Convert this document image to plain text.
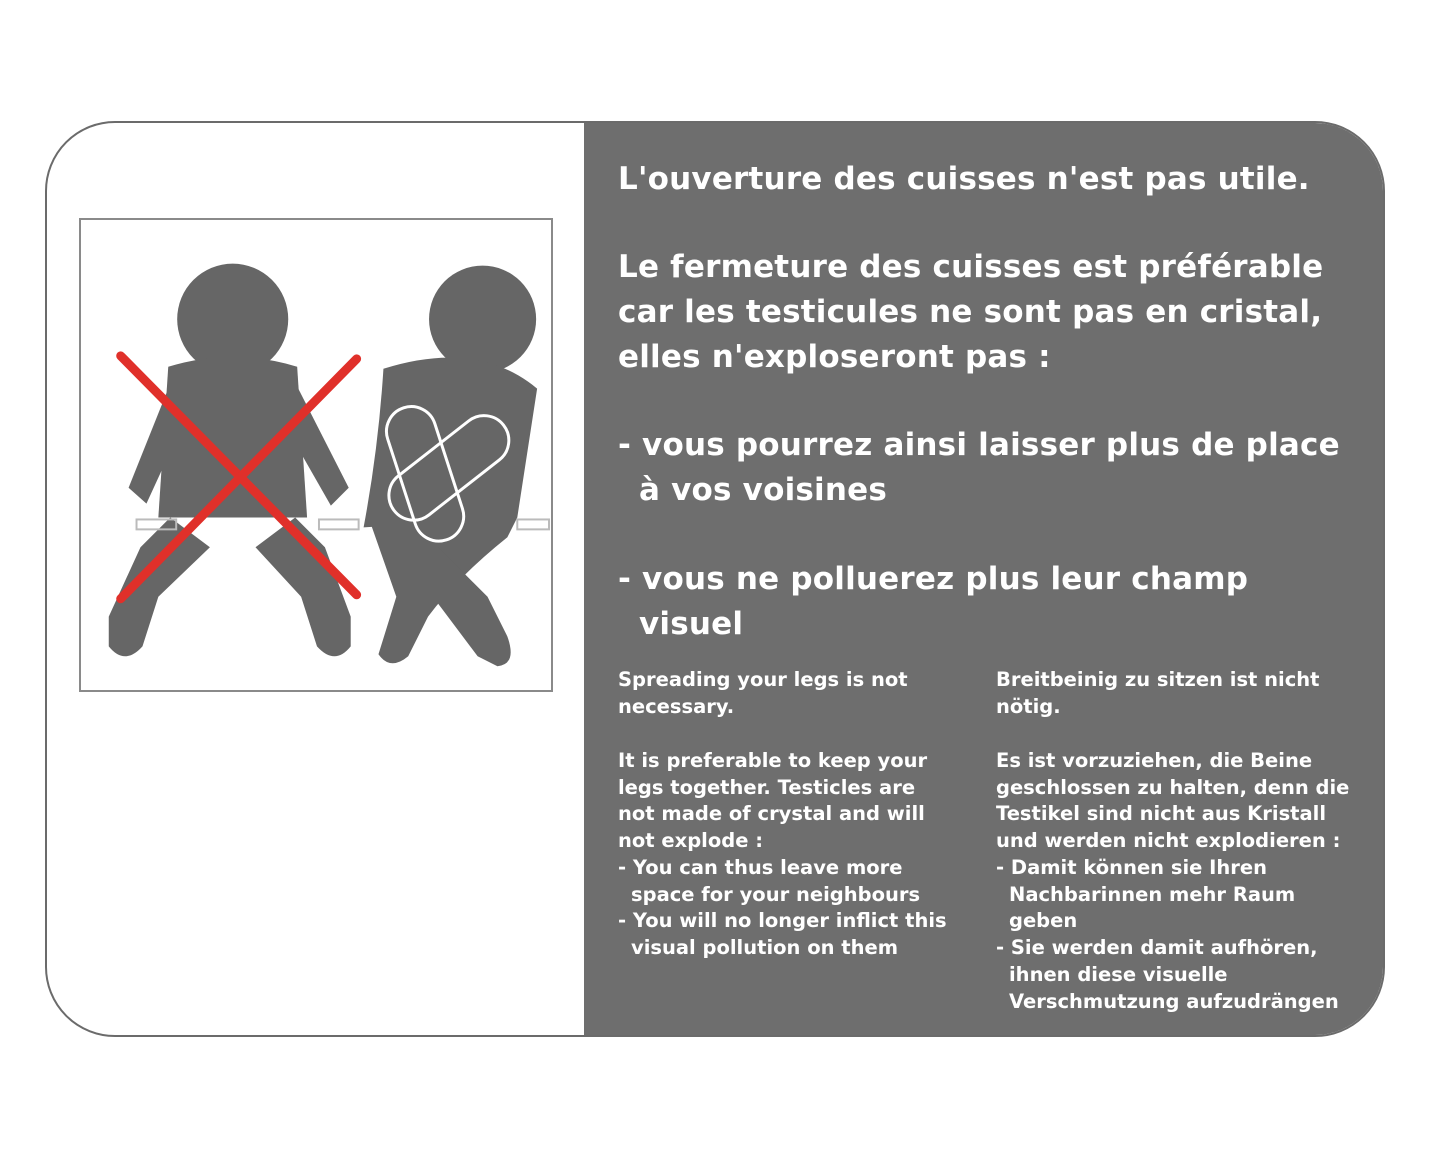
L'ouverture des cuisses n'est pas utile.
Le fermeture des cuisses est préférable
car les testicules ne sont pas en cristal,
elles n'exploseront pas :
- vous pourrez ainsi laisser plus de place
à vos voisines
- vous ne polluerez plus leur champ
visuel
Spreading your legs is not
necessary.
It is preferable to keep your
legs together. Testicles are
not made of crystal and will
not explode :
- You can thus leave more
space for your neighbours
- You will no longer inflict this
visual pollution on them
Breitbeinig zu sitzen ist nicht
nötig.
Es ist vorzuziehen, die Beine
geschlossen zu halten, denn die
Testikel sind nicht aus Kristall
und werden nicht explodieren :
- Damit können sie Ihren
Nachbarinnen mehr Raum
geben
- Sie werden damit aufhören,
ihnen diese visuelle
Verschmutzung aufzudrängen
